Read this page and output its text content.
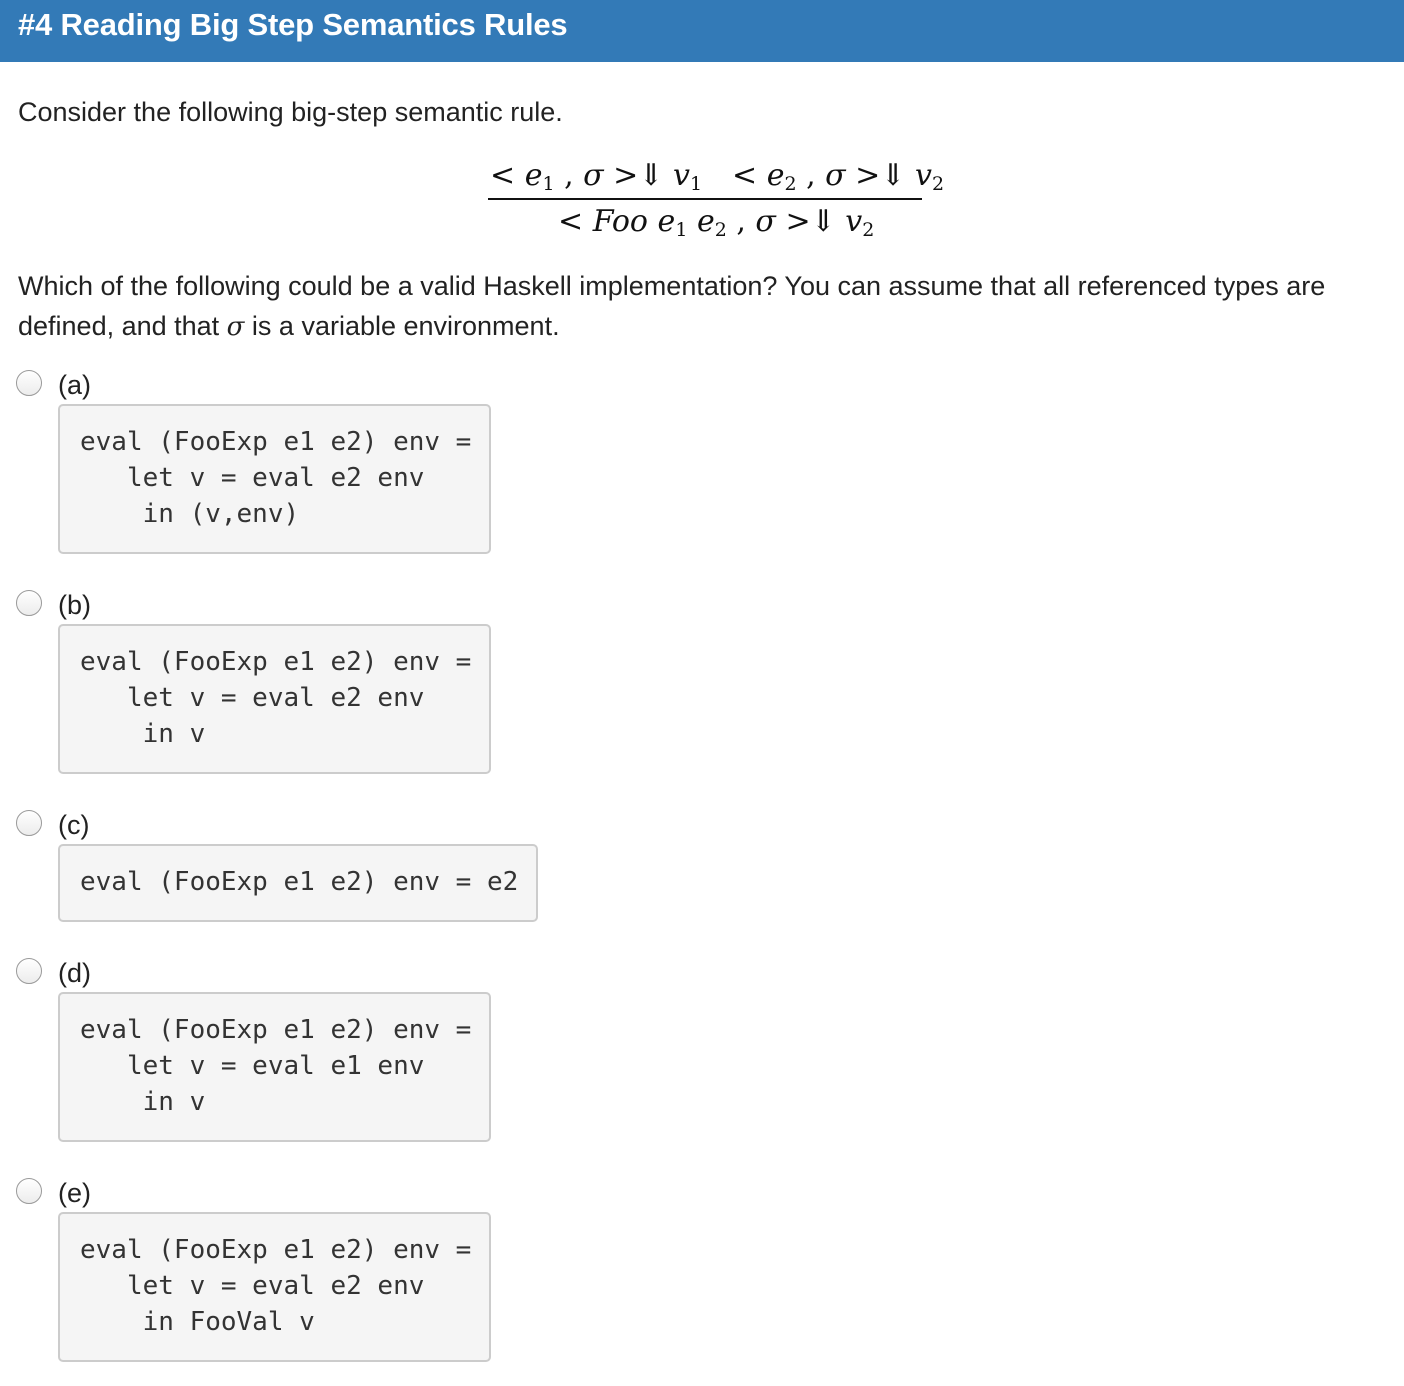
#4 Reading Big Step Semantics Rules

Consider the following big-step semantic rule.

< $e_1$ , σ >⇓ $v_1 < e_2$ , σ >⇓ $v_2$
< Foo $e_1$ $e_2$ , σ >⇓ $v_2$

Which of the following could be a valid Haskell implementation? You can assume that all referenced types are defined, and that σ is a variable environment.

(a)
eval (FooExp e1 e2) env =
let v = eval e2 env
in (v,env)
(b)
eval (FooExp e1 e2) env =
let v = eval e2 env
in v
(c)
eval (FooExp e1 e2) env = e2
(d)
eval (FooExp e1 e2) env =
let v = eval e1 env
in v
(e)
eval (FooExp e1 e2) env =
let v = eval e2 env
in FooVal v
